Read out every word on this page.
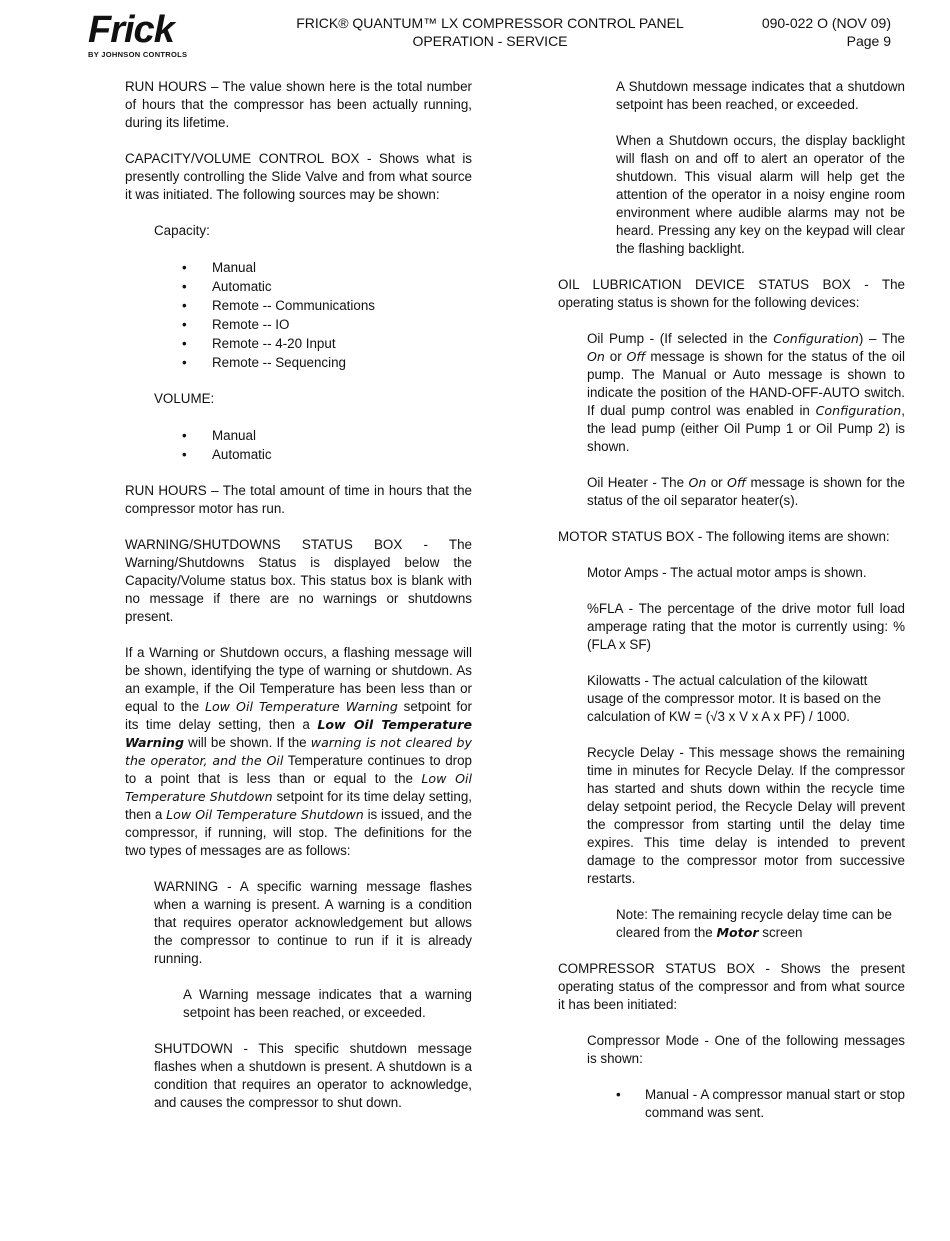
Frick
BY JOHNSON CONTROLS
FRICK® QUANTUM™ LX COMPRESSOR CONTROL PANEL
OPERATION - SERVICE
090-022 O (NOV 09)
Page 9

RUN HOURS – The value shown here is the total number of hours that the compressor has been actually running, during its lifetime.

CAPACITY/VOLUME CONTROL BOX - Shows what is presently controlling the Slide Valve and from what source it was initiated. The following sources may be shown:

Capacity:

• Manual
• Automatic
• Remote -- Communications
• Remote -- IO
• Remote -- 4-20 Input
• Remote -- Sequencing

VOLUME:

• Manual
• Automatic

RUN HOURS – The total amount of time in hours that the compressor motor has run.

WARNING/SHUTDOWNS STATUS BOX - The Warning/Shutdowns Status is displayed below the Capacity/Volume status box. This status box is blank with no message if there are no warnings or shutdowns present.

If a Warning or Shutdown occurs, a flashing message will be shown, identifying the type of warning or shutdown. As an example, if the Oil Temperature has been less than or equal to the Low Oil Temperature Warning setpoint for its time delay setting, then a Low Oil Temperature Warning will be shown. If the warning is not cleared by the operator, and the Oil Temperature continues to drop to a point that is less than or equal to the Low Oil Temperature Shutdown setpoint for its time delay setting, then a Low Oil Temperature Shutdown is issued, and the compressor, if running, will stop. The definitions for the two types of messages are as follows:

WARNING - A specific warning message flashes when a warning is present. A warning is a condition that requires operator acknowledgement but allows the compressor to continue to run if it is already running.

A Warning message indicates that a warning setpoint has been reached, or exceeded.

SHUTDOWN - This specific shutdown message flashes when a shutdown is present. A shutdown is a condition that requires an operator to acknowledge, and causes the compressor to shut down.

A Shutdown message indicates that a shutdown setpoint has been reached, or exceeded.

When a Shutdown occurs, the display backlight will flash on and off to alert an operator of the shutdown. This visual alarm will help get the attention of the operator in a noisy engine room environment where audible alarms may not be heard. Pressing any key on the keypad will clear the flashing backlight.

OIL LUBRICATION DEVICE STATUS BOX - The operating status is shown for the following devices:

Oil Pump - (If selected in the Configuration) – The On or Off message is shown for the status of the oil pump. The Manual or Auto message is shown to indicate the position of the HAND-OFF-AUTO switch. If dual pump control was enabled in Configuration, the lead pump (either Oil Pump 1 or Oil Pump 2) is shown.

Oil Heater - The On or Off message is shown for the status of the oil separator heater(s).

MOTOR STATUS BOX - The following items are shown:

Motor Amps - The actual motor amps is shown.

%FLA - The percentage of the drive motor full load amperage rating that the motor is currently using: % (FLA x SF)

Kilowatts - The actual calculation of the kilowatt usage of the compressor motor. It is based on the calculation of KW = (√3 x V x A x PF) / 1000.

Recycle Delay - This message shows the remaining time in minutes for Recycle Delay. If the compressor has started and shuts down within the recycle time delay setpoint period, the Recycle Delay will prevent the compressor from starting until the delay time expires. This time delay is intended to prevent damage to the compressor motor from successive restarts.

Note: The remaining recycle delay time can be cleared from the Motor screen

COMPRESSOR STATUS BOX - Shows the present operating status of the compressor and from what source it has been initiated:

Compressor Mode - One of the following messages is shown:

• Manual - A compressor manual start or stop command was sent.
